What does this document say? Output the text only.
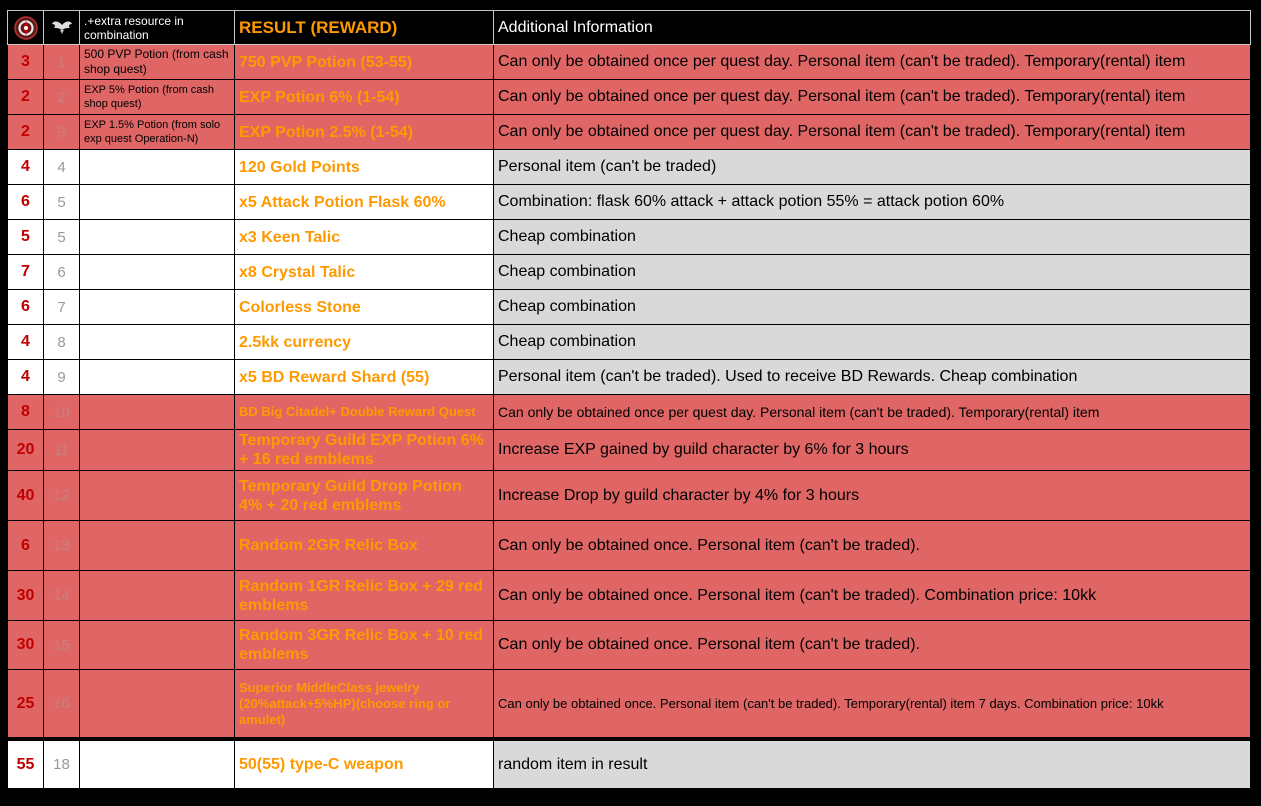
		.+extra resource in combination	RESULT (REWARD)	Additional Information
3	1	500 PVP Potion (from cash shop quest)	750 PVP Potion (53-55)	Can only be obtained once per quest day. Personal item (can't be traded). Temporary(rental) item
2	2	EXP 5% Potion (from cash shop quest)	EXP Potion 6% (1-54)	Can only be obtained once per quest day. Personal item (can't be traded). Temporary(rental) item
2	3	EXP 1.5% Potion (from solo exp quest Operation-N)	EXP Potion 2.5% (1-54)	Can only be obtained once per quest day. Personal item (can't be traded). Temporary(rental) item
4	4		120 Gold Points	Personal item (can't be traded)
6	5		x5 Attack Potion Flask 60%	Combination: flask 60% attack + attack potion 55% = attack potion 60%
5	5		x3 Keen Talic	Cheap combination
7	6		x8 Crystal Talic	Cheap combination
6	7		Colorless Stone	Cheap combination
4	8		2.5kk currency	Cheap combination
4	9		x5 BD Reward Shard (55)	Personal item (can't be traded). Used to receive BD Rewards. Cheap combination
8	10		BD Big Citadel+ Double Reward Quest	Can only be obtained once per quest day. Personal item (can't be traded). Temporary(rental) item
20	11		Temporary Guild EXP Potion 6% + 16 red emblems	Increase EXP gained by guild character by 6% for 3 hours
40	12		Temporary Guild Drop Potion 4% + 20 red emblems	Increase Drop by guild character by 4% for 3 hours
6	13		Random 2GR Relic Box	Can only be obtained once. Personal item (can't be traded).
30	14		Random 1GR Relic Box + 29 red emblems	Can only be obtained once. Personal item (can't be traded). Combination price: 10kk
30	15		Random 3GR Relic Box + 10 red emblems	Can only be obtained once. Personal item (can't be traded).
25	16		Superior MiddleClass jewelry (20%attack+5%HP)(choose ring or amulet)	Can only be obtained once. Personal item (can't be traded). Temporary(rental) item 7 days. Combination price: 10kk

55	18		50(55) type-C weapon	random item in result
